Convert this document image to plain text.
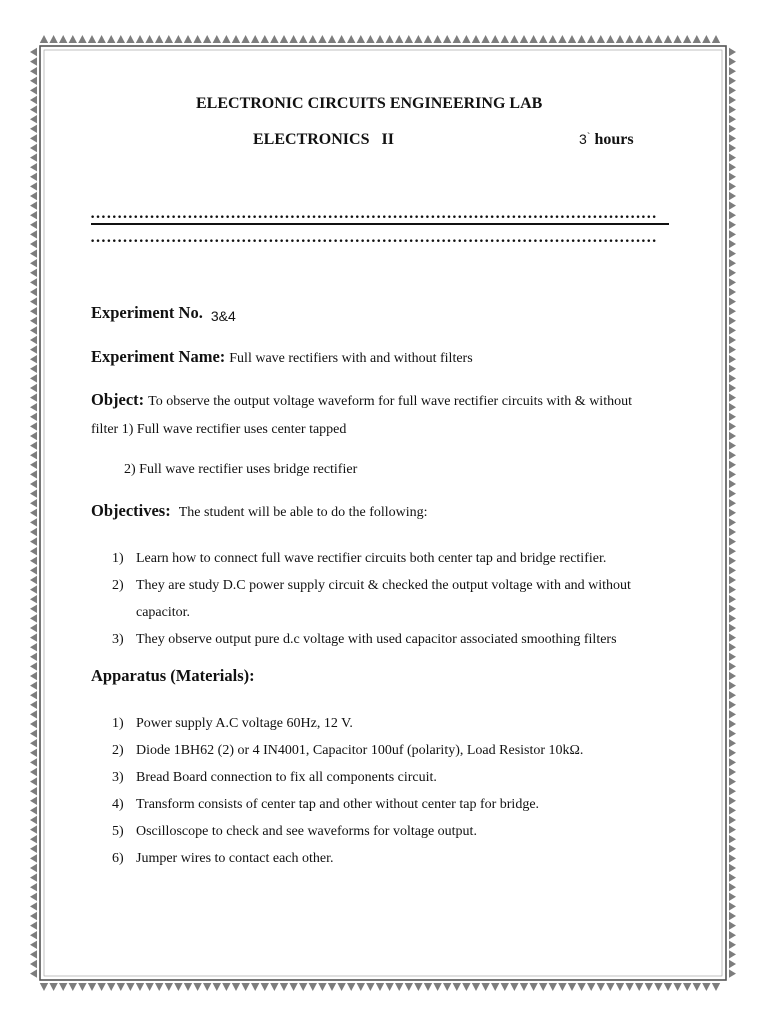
ELECTRONIC CIRCUITS ENGINEERING LAB
ELECTRONICS   II	3` hours
……………………………………………………………………………………………
……………………………………………………………………………………………
Experiment No. 3&4
Experiment Name: Full wave rectifiers with and without filters
Object: To observe the output voltage waveform for full wave rectifier circuits with & without
filter 1) Full wave rectifier uses center tapped
2) Full wave rectifier uses bridge rectifier
Objectives: The student will be able to do the following:
1) Learn how to connect full wave rectifier circuits both center tap and bridge rectifier.
2) They are study D.C power supply circuit & checked the output voltage with and without
capacitor.
3) They observe output pure d.c voltage with used capacitor associated smoothing filters
Apparatus (Materials):
1) Power supply A.C voltage 60Hz, 12 V.
2) Diode 1BH62 (2) or 4 IN4001, Capacitor 100uf (polarity), Load Resistor 10kΩ.
3) Bread Board connection to fix all components circuit.
4) Transform consists of center tap and other without center tap for bridge.
5) Oscilloscope to check and see waveforms for voltage output.
6) Jumper wires to contact each other.
